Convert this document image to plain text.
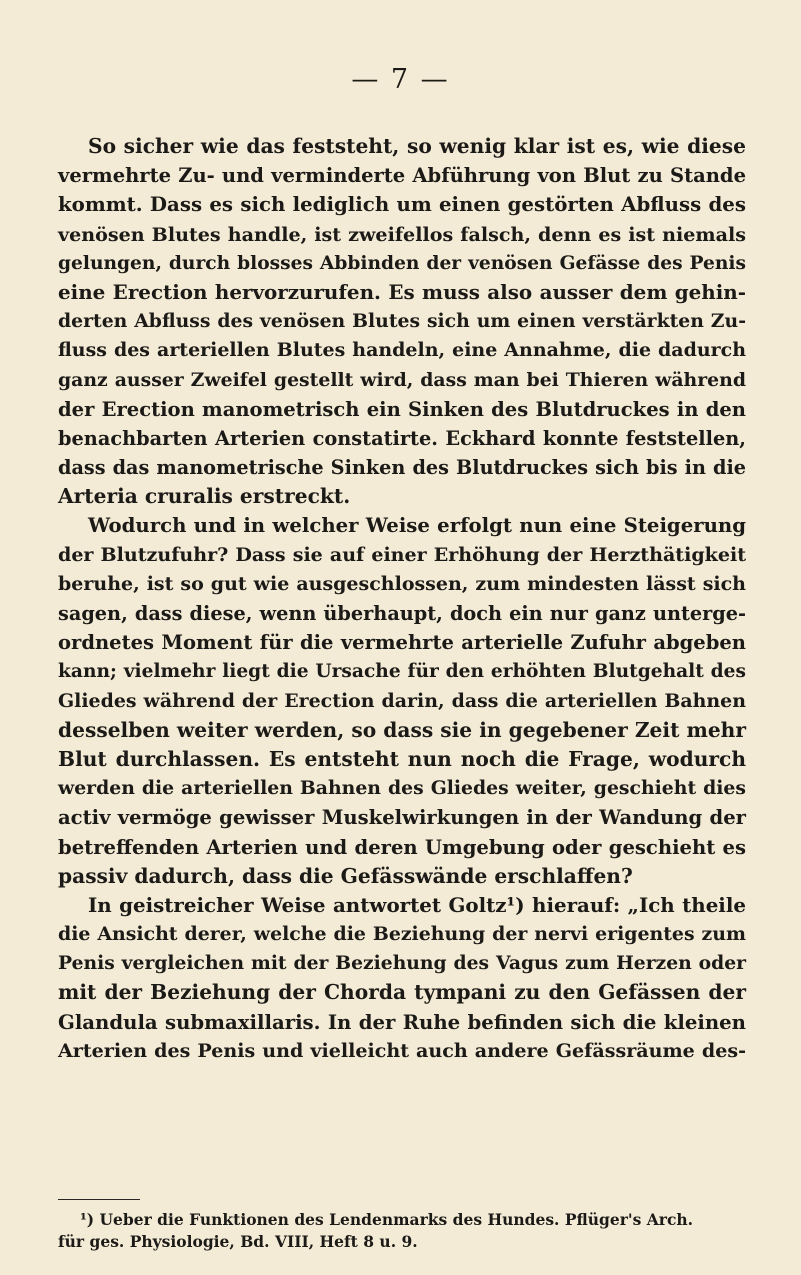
— 7 —
So sicher wie das feststeht, so wenig klar ist es, wie diese
vermehrte Zu- und verminderte Abführung von Blut zu Stande
kommt. Dass es sich lediglich um einen gestörten Abfluss des
venösen Blutes handle, ist zweifellos falsch, denn es ist niemals
gelungen, durch blosses Abbinden der venösen Gefässe des Penis
eine Erection hervorzurufen. Es muss also ausser dem gehin-
derten Abfluss des venösen Blutes sich um einen verstärkten Zu-
fluss des arteriellen Blutes handeln, eine Annahme, die dadurch
ganz ausser Zweifel gestellt wird, dass man bei Thieren während
der Erection manometrisch ein Sinken des Blutdruckes in den
benachbarten Arterien constatirte. Eckhard konnte feststellen,
dass das manometrische Sinken des Blutdruckes sich bis in die
Arteria cruralis erstreckt.
Wodurch und in welcher Weise erfolgt nun eine Steigerung
der Blutzufuhr? Dass sie auf einer Erhöhung der Herzthätigkeit
beruhe, ist so gut wie ausgeschlossen, zum mindesten lässt sich
sagen, dass diese, wenn überhaupt, doch ein nur ganz unterge-
ordnetes Moment für die vermehrte arterielle Zufuhr abgeben
kann; vielmehr liegt die Ursache für den erhöhten Blutgehalt des
Gliedes während der Erection darin, dass die arteriellen Bahnen
desselben weiter werden, so dass sie in gegebener Zeit mehr
Blut durchlassen. Es entsteht nun noch die Frage, wodurch
werden die arteriellen Bahnen des Gliedes weiter, geschieht dies
activ vermöge gewisser Muskelwirkungen in der Wandung der
betreffenden Arterien und deren Umgebung oder geschieht es
passiv dadurch, dass die Gefässwände erschlaffen?
In geistreicher Weise antwortet Goltz¹) hierauf: „Ich theile
die Ansicht derer, welche die Beziehung der nervi erigentes zum
Penis vergleichen mit der Beziehung des Vagus zum Herzen oder
mit der Beziehung der Chorda tympani zu den Gefässen der
Glandula submaxillaris. In der Ruhe befinden sich die kleinen
Arterien des Penis und vielleicht auch andere Gefässräume des-
¹) Ueber die Funktionen des Lendenmarks des Hundes. Pflüger's Arch.
für ges. Physiologie, Bd. VIII, Heft 8 u. 9.
